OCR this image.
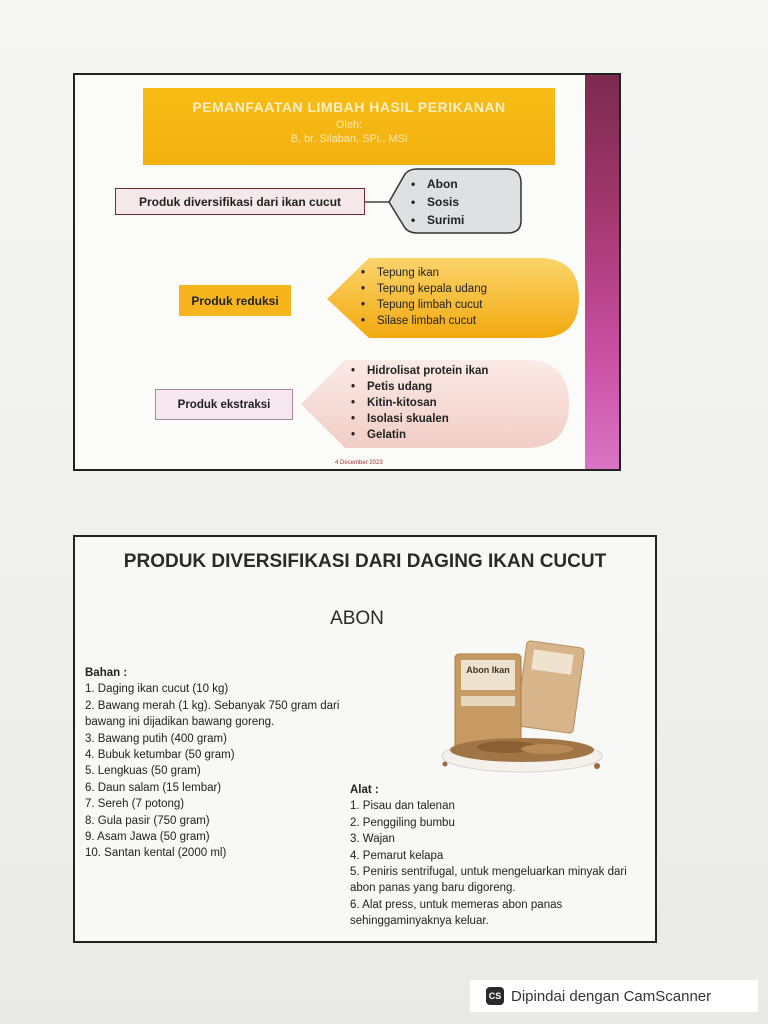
PEMANFAATAN LIMBAH HASIL PERIKANAN
Oleh:
B. br. Silaban, SPi., MSi
Produk diversifikasi dari ikan cucut
• Abon
• Sosis
• Surimi
Produk reduksi
• Tepung ikan
• Tepung kepala udang
• Tepung limbah cucut
• Silase limbah cucut
Produk ekstraksi
• Hidrolisat protein ikan
• Petis udang
• Kitin-kitosan
• Isolasi skualen
• Gelatin
4 December 2023
PRODUK DIVERSIFIKASI DARI DAGING IKAN CUCUT
ABON
Bahan :
1. Daging ikan cucut (10 kg)
2. Bawang merah (1 kg). Sebanyak 750 gram dari bawang ini dijadikan bawang goreng.
3. Bawang putih (400 gram)
4. Bubuk ketumbar (50 gram)
5. Lengkuas (50 gram)
6. Daun salam (15 lembar)
7. Sereh (7 potong)
8. Gula pasir (750 gram)
9. Asam Jawa (50 gram)
10. Santan kental (2000 ml)
Alat :
1. Pisau dan talenan
2. Penggiling bumbu
3. Wajan
4. Pemarut kelapa
5. Peniris sentrifugal, untuk mengeluarkan minyak dari abon panas yang baru digoreng.
6. Alat press, untuk memeras abon panas sehinggaminyaknya keluar.
Abon Ikan
CS Dipindai dengan CamScanner
